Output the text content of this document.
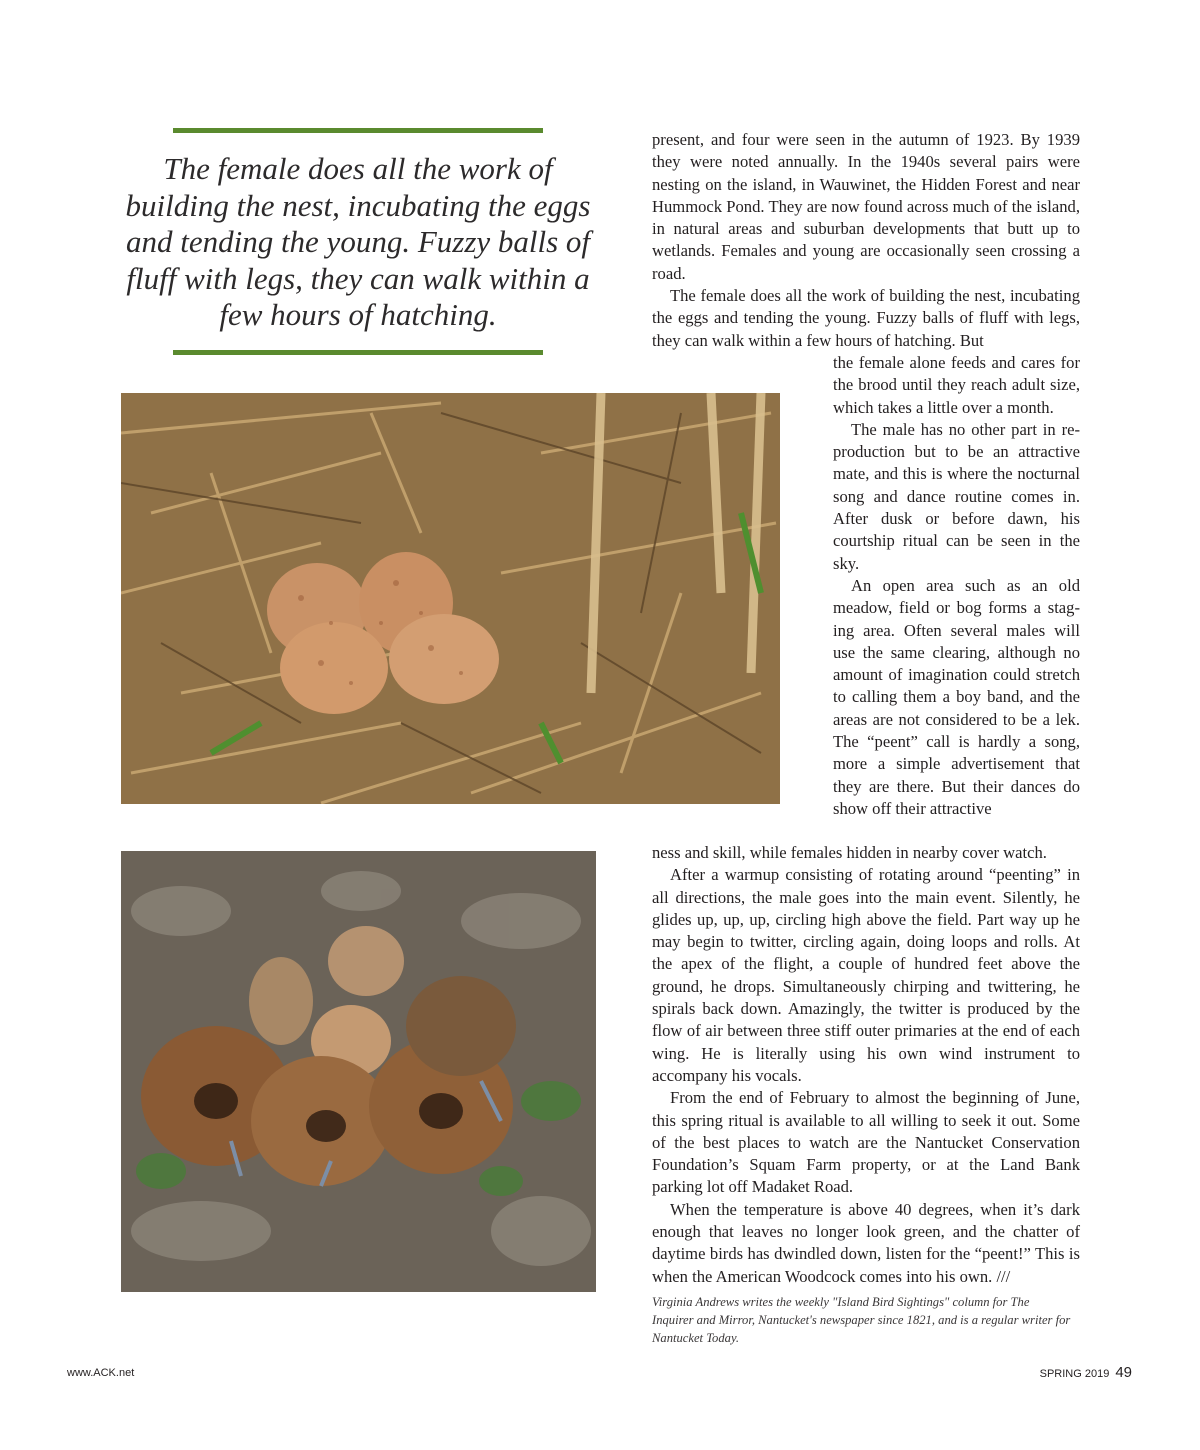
The female does all the work of building the nest, incubating the eggs and tending the young. Fuzzy balls of fluff with legs, they can walk within a few hours of hatching.

present, and four were seen in the autumn of 1923. By 1939 they were noted annually. In the 1940s several pairs were nesting on the island, in Wauwinet, the Hidden Forest and near Hummock Pond. They are now found across much of the island, in natural areas and suburban developments that butt up to wetlands. Females and young are occasionally seen crossing a road.

The female does all the work of building the nest, incubating the eggs and tending the young. Fuzzy balls of fluff with legs, they can walk within a few hours of hatching. But

the female alone feeds and cares for the brood until they reach adult size, which takes a little over a month.

The male has no other part in reproduction but to be an attractive mate, and this is where the nocturnal song and dance routine comes in. After dusk or before dawn, his courtship ritual can be seen in the sky.

An open area such as an old meadow, field or bog forms a staging area. Often several males will use the same clearing, although no amount of imagination could stretch to calling them a boy band, and the areas are not considered to be a lek. The “peent” call is hardly a song, more a simple advertisement that they are there. But their dances do show off their attractive

ness and skill, while females hidden in nearby cover watch.

After a warmup consisting of rotating around “peenting” in all directions, the male goes into the main event. Silently, he glides up, up, up, circling high above the field. Part way up he may begin to twitter, circling again, doing loops and rolls. At the apex of the flight, a couple of hundred feet above the ground, he drops. Simultaneously chirping and twittering, he spirals back down. Amazingly, the twitter is produced by the flow of air between three stiff outer primaries at the end of each wing. He is literally using his own wind instrument to accompany his vocals.

From the end of February to almost the beginning of June, this spring ritual is available to all willing to seek it out. Some of the best places to watch are the Nantucket Conservation Foundation’s Squam Farm property, or at the Land Bank parking lot off Madaket Road.

When the temperature is above 40 degrees, when it’s dark enough that leaves no longer look green, and the chatter of daytime birds has dwindled down, listen for the “peent!” This is when the American Woodcock comes into his own. ///

Virginia Andrews writes the weekly "Island Bird Sightings" column for The Inquirer and Mirror, Nantucket's newspaper since 1821, and is a regular writer for Nantucket Today.
www.ACK.net	SPRING 2019 49
